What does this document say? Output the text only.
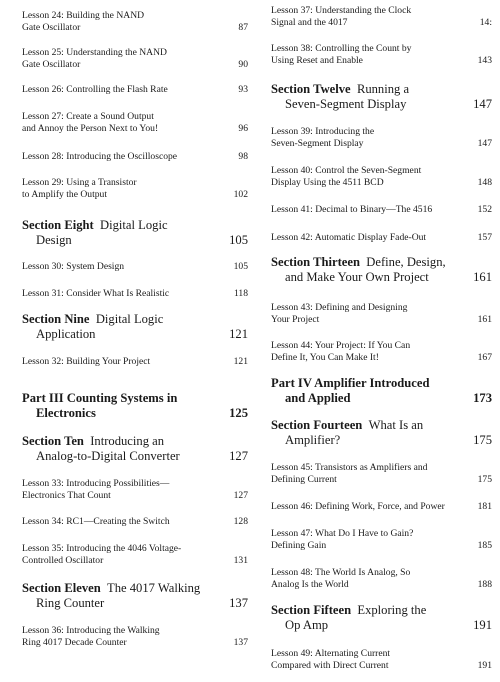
Lesson 24: Building the NAND
Gate Oscillator	87
Lesson 25: Understanding the NAND
Gate Oscillator	90
Lesson 26: Controlling the Flash Rate	93
Lesson 27: Create a Sound Output
and Annoy the Person Next to You!	96
Lesson 28: Introducing the Oscilloscope	98
Lesson 29: Using a Transistor
to Amplify the Output	102
Section Eight Digital Logic
Design	105
Lesson 30: System Design	105
Lesson 31: Consider What Is Realistic	118
Section Nine Digital Logic
Application	121
Lesson 32: Building Your Project	121
Part III Counting Systems in
Electronics	125
Section Ten Introducing an
Analog-to-Digital Converter	127
Lesson 33: Introducing Possibilities—
Electronics That Count	127
Lesson 34: RC1—Creating the Switch	128
Lesson 35: Introducing the 4046 Voltage-
Controlled Oscillator	131
Section Eleven The 4017 Walking
Ring Counter	137
Lesson 36: Introducing the Walking
Ring 4017 Decade Counter	137
Lesson 37: Understanding the Clock
Signal and the 4017	14:
Lesson 38: Controlling the Count by
Using Reset and Enable	143
Section Twelve Running a
Seven-Segment Display	147
Lesson 39: Introducing the
Seven-Segment Display	147
Lesson 40: Control the Seven-Segment
Display Using the 4511 BCD	148
Lesson 41: Decimal to Binary—The 4516	152
Lesson 42: Automatic Display Fade-Out	157
Section Thirteen Define, Design,
and Make Your Own Project	161
Lesson 43: Defining and Designing
Your Project	161
Lesson 44: Your Project: If You Can
Define It, You Can Make It!	167
Part IV Amplifier Introduced
and Applied	173
Section Fourteen What Is an
Amplifier?	175
Lesson 45: Transistors as Amplifiers and
Defining Current	175
Lesson 46: Defining Work, Force, and Power	181
Lesson 47: What Do I Have to Gain?
Defining Gain	185
Lesson 48: The World Is Analog, So
Analog Is the World	188
Section Fifteen Exploring the
Op Amp	191
Lesson 49: Alternating Current
Compared with Direct Current	191
